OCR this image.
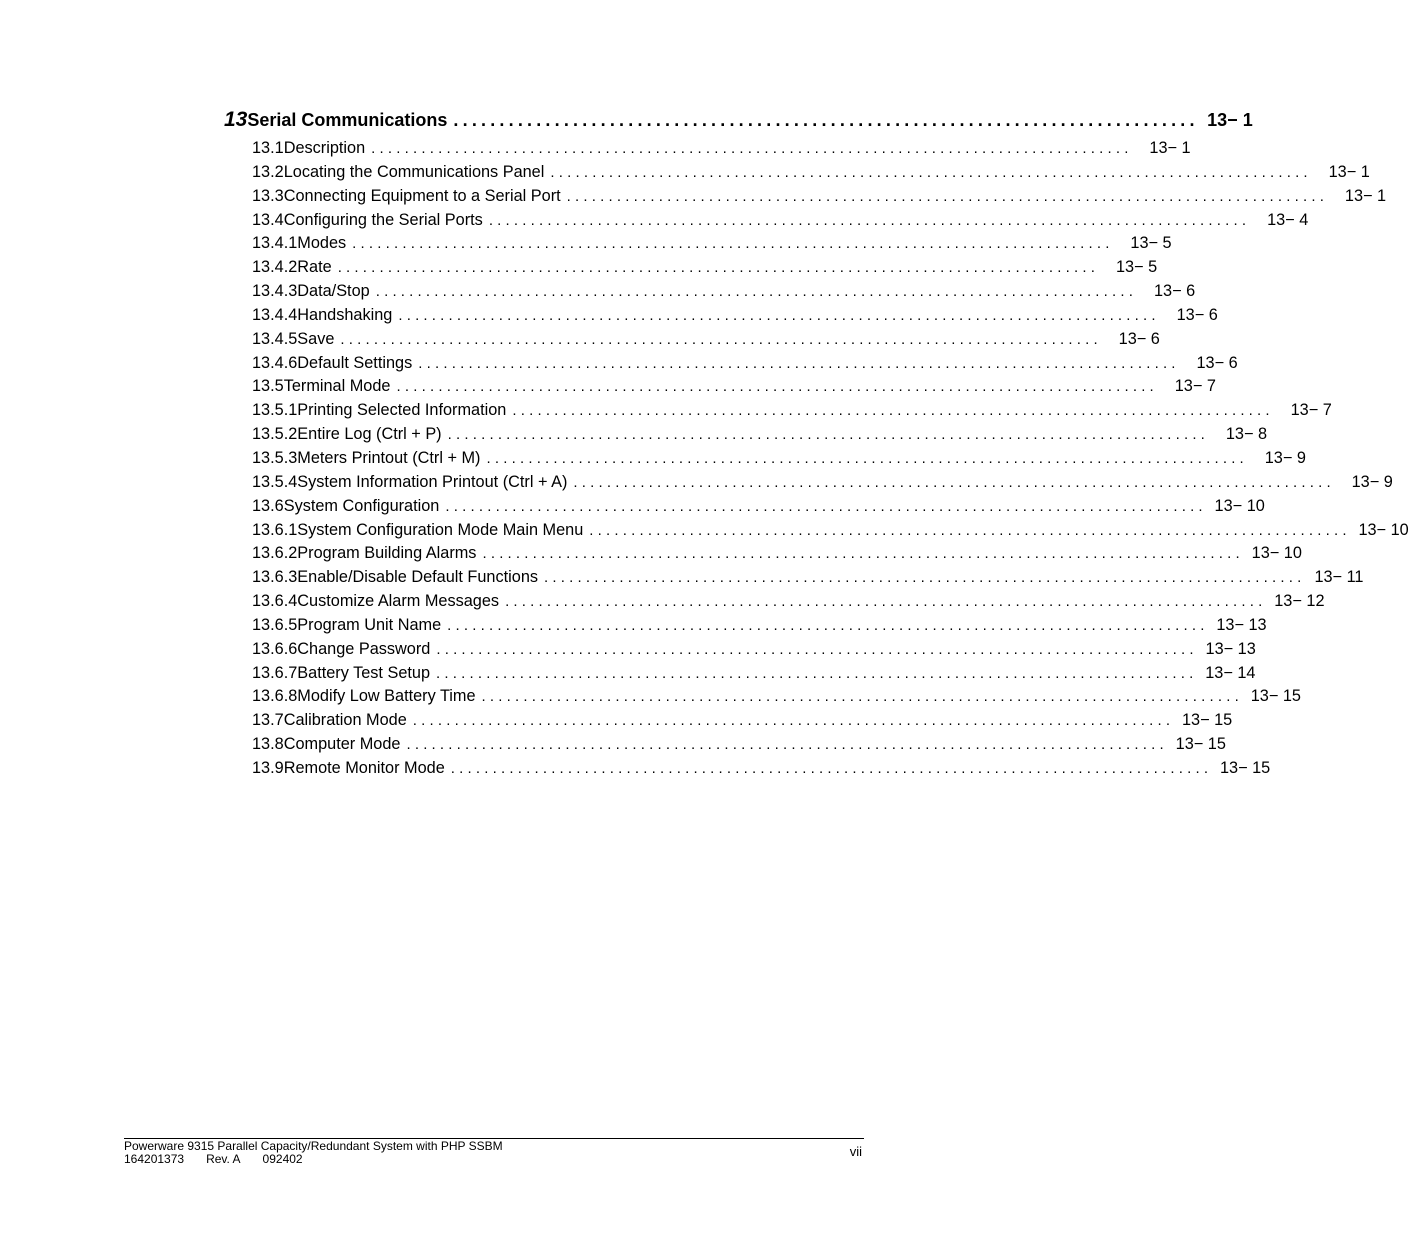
13 Serial Communications ................................................................................. 13− 1
13.1 Description ...........................................................................................	13− 1
13.2 Locating the Communications Panel ...........................................................................................	13− 1
13.3 Connecting Equipment to a Serial Port ...........................................................................................	13− 1
13.4 Configuring the Serial Ports ...........................................................................................	13− 4
13.4.1 Modes ...........................................................................................	13− 5
13.4.2 Rate ...........................................................................................	13− 5
13.4.3 Data/Stop ...........................................................................................	13− 6
13.4.4 Handshaking ...........................................................................................	13− 6
13.4.5 Save ...........................................................................................	13− 6
13.4.6 Default Settings ...........................................................................................	13− 6
13.5 Terminal Mode ...........................................................................................	13− 7
13.5.1 Printing Selected Information ...........................................................................................	13− 7
13.5.2 Entire Log (Ctrl + P) ...........................................................................................	13− 8
13.5.3 Meters Printout (Ctrl + M) ...........................................................................................	13− 9
13.5.4 System Information Printout (Ctrl + A) ...........................................................................................	13− 9
13.6 System Configuration ........................................................................................... 13− 10
13.6.1 System Configuration Mode Main Menu ........................................................................................... 13− 10
13.6.2 Program Building Alarms ........................................................................................... 13− 10
13.6.3 Enable/Disable Default Functions ........................................................................................... 13− 11
13.6.4 Customize Alarm Messages ........................................................................................... 13− 12
13.6.5 Program Unit Name ........................................................................................... 13− 13
13.6.6 Change Password ........................................................................................... 13− 13
13.6.7 Battery Test Setup ........................................................................................... 13− 14
13.6.8 Modify Low Battery Time ........................................................................................... 13− 15
13.7 Calibration Mode ........................................................................................... 13− 15
13.8 Computer Mode ........................................................................................... 13− 15
13.9 Remote Monitor Mode ........................................................................................... 13− 15
Powerware 9315 Parallel Capacity/Redundant System with PHP SSBM
164201373 Rev. A 092402	vii
